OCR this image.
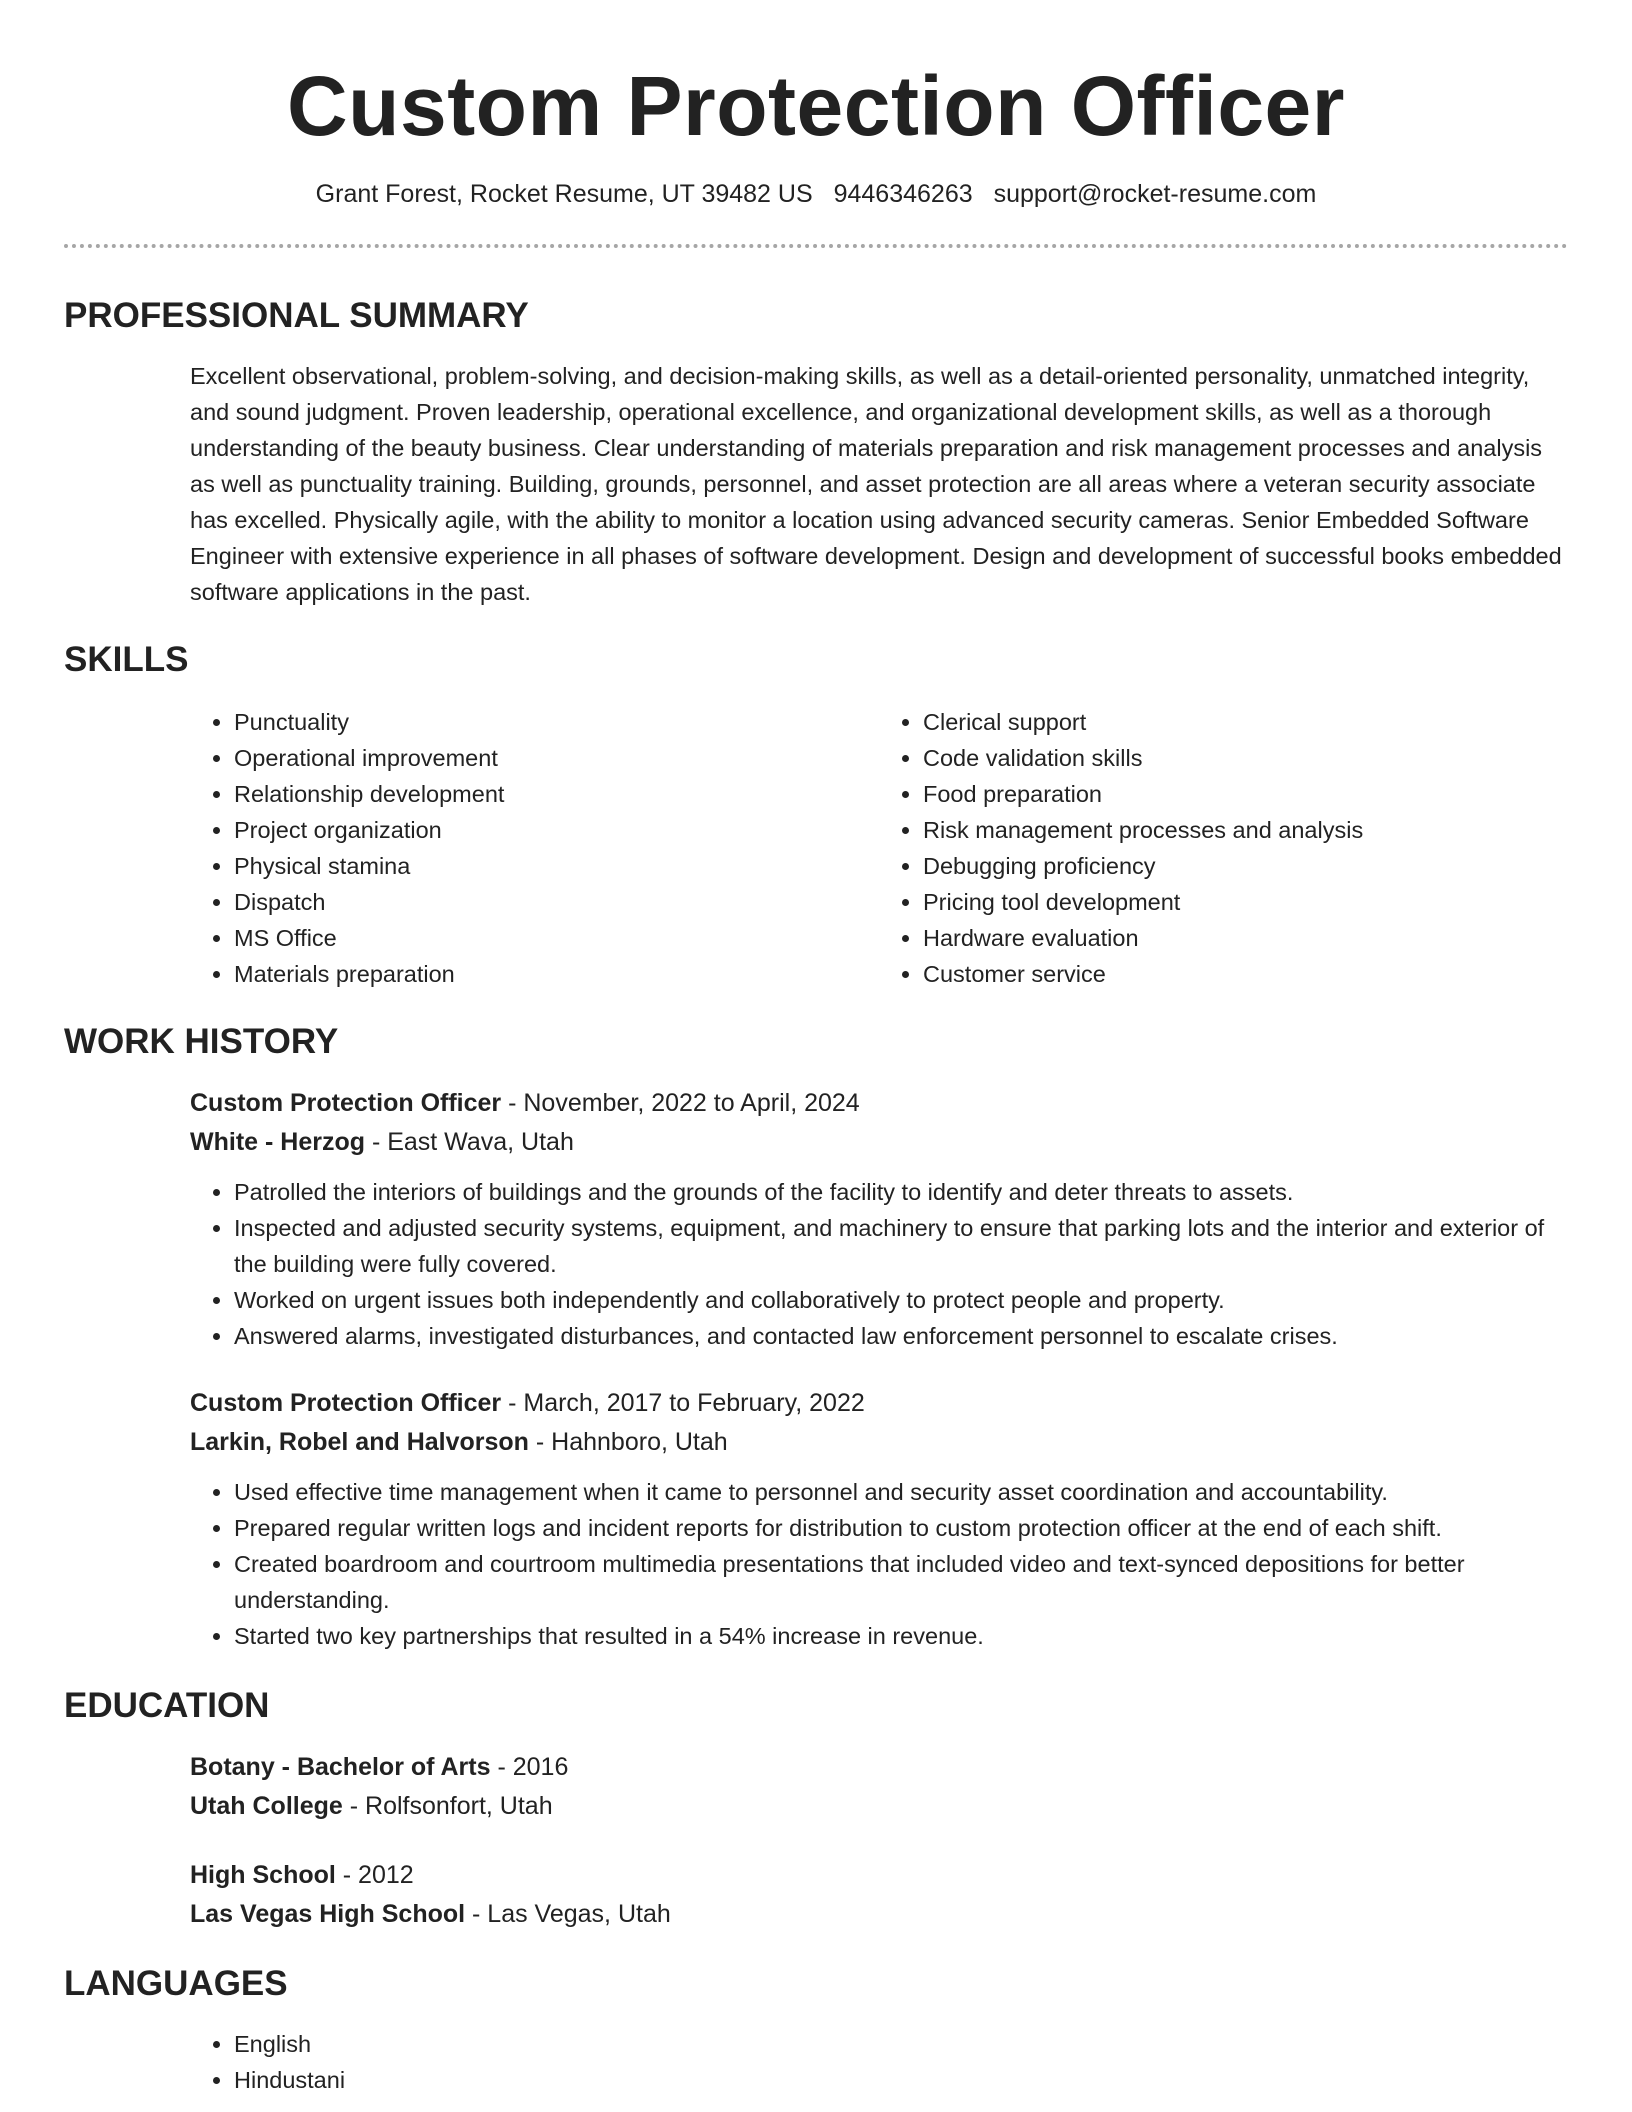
Custom Protection Officer
Grant Forest, Rocket Resume, UT 39482 US 9446346263 support@rocket-resume.com
PROFESSIONAL SUMMARY

Excellent observational, problem-solving, and decision-making skills, as well as a detail-oriented personality, unmatched integrity, and sound judgment. Proven leadership, operational excellence, and organizational development skills, as well as a thorough understanding of the beauty business. Clear understanding of materials preparation and risk management processes and analysis as well as punctuality training. Building, grounds, personnel, and asset protection are all areas where a veteran security associate has excelled. Physically agile, with the ability to monitor a location using advanced security cameras. Senior Embedded Software Engineer with extensive experience in all phases of software development. Design and development of successful books embedded software applications in the past.

SKILLS
• Punctuality
• Operational improvement
• Relationship development
• Project organization
• Physical stamina
• Dispatch
• MS Office
• Materials preparation
• Clerical support
• Code validation skills
• Food preparation
• Risk management processes and analysis
• Debugging proficiency
• Pricing tool development
• Hardware evaluation
• Customer service
WORK HISTORY
Custom Protection Officer - November, 2022 to April, 2024
White - Herzog - East Wava, Utah
• Patrolled the interiors of buildings and the grounds of the facility to identify and deter threats to assets.
• Inspected and adjusted security systems, equipment, and machinery to ensure that parking lots and the interior and exterior of the building were fully covered.
• Worked on urgent issues both independently and collaboratively to protect people and property.
• Answered alarms, investigated disturbances, and contacted law enforcement personnel to escalate crises.
Custom Protection Officer - March, 2017 to February, 2022
Larkin, Robel and Halvorson - Hahnboro, Utah
• Used effective time management when it came to personnel and security asset coordination and accountability.
• Prepared regular written logs and incident reports for distribution to custom protection officer at the end of each shift.
• Created boardroom and courtroom multimedia presentations that included video and text-synced depositions for better understanding.
• Started two key partnerships that resulted in a 54% increase in revenue.
EDUCATION
Botany - Bachelor of Arts - 2016
Utah College - Rolfsonfort, Utah
High School - 2012
Las Vegas High School - Las Vegas, Utah
LANGUAGES
• English
• Hindustani
